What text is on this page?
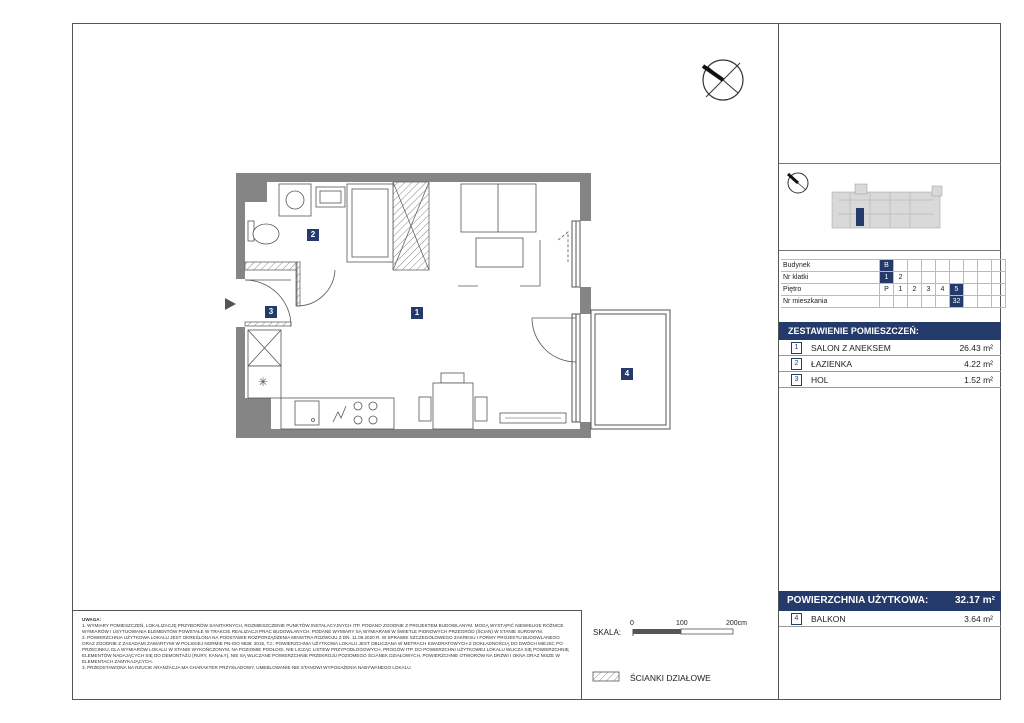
✳
2
1
3
4
Budynek	B								
Nr klatki	1	2							
Piętro	P	1	2	3	4	5			
Nr mieszkania						32			
ZESTAWIENIE POMIESZCZEŃ:
1	SALON Z ANEKSEM	26.43 m²
2	ŁAZIENKA	4.22 m²
3	HOL	1.52 m²
POWIERZCHNIA UŻYTKOWA:	32.17 m²
4	BALKON	3.64 m²
SKALA:
0	100	200cm
ŚCIANKI DZIAŁOWE
UWAGA:
1. WYMIARY POMIESZCZEŃ, LOKALIZACJĘ PRZYBORÓW SANITARNYCH, ROZMIESZCZENIE PUNKTÓW INSTALACYJNYCH ITP. PODANO ZGODNIE Z PROJEKTEM BUDOWLANYM. MOGĄ WYSTĄPIĆ NIEWIELKIE RÓŻNICE WYMIARÓW I USYTUOWANIA ELEMENTÓW POWSTAŁE W TRAKCIE REALIZACJI PRAC BUDOWLANYCH. PODANE WYMIARY SĄ WYMIARAMI W ŚWIETLE PIONOWYCH PRZEGRÓD (ŚCIAN) W STANIE SUROWYM.
2. POWIERZCHNIA UŻYTKOWA LOKALU JEST OKREŚLONA NA PODSTAWIE ROZPORZĄDZENIA MINISTRA ROZWOJU Z DN. 11.09.2020 R. W SPRAWIE SZCZEGÓŁOWEGO ZAKRESU I FORMY PROJEKTU BUDOWLANEGO ORAZ ZGODNIE Z ZASADAMI ZAWARTYMI W POLSKIEJ NORMIE PN-ISO 9836: 2015, TJ.: POWIERZCHNIA UŻYTKOWA LOKALU JEST OBLICZANA W METRACH KWADRATOWYCH Z DOKŁADNOŚCIĄ DO DWÓCH MIEJSC PO PRZECINKU, DLA WYMIARÓW LOKALU W STANIE WYKOŃCZONYM, NA POZIOMIE PODŁOGI, NIE LICZĄC LISTEW PRZYPODŁOGOWYCH, PROGÓW ITP. DO POWIERZCHNI UŻYTKOWEJ LOKALU WLICZA SIĘ POWIERZCHNIĘ ELEMENTÓW NADAJĄCYCH SIĘ DO DEMONTAŻU (RURY, KANAŁY), NIE SĄ WLICZANE POWIERZCHNIE PRZEKROJU POZIOMEGO ŚCIANEK DZIAŁOWYCH, POWIERZCHNIE OTWORÓW NA DRZWI I OKNA ORAZ NISZE W ELEMENTACH ZAMYKAJĄCYCH.
3. PRZEDSTAWIONA NA RZUCIE ARANŻACJA MA CHARAKTER PRZYKŁADOWY, UMEBLOWANIE NIE STANOWI WYPOSAŻENIA NABYWANEGO LOKALU.
